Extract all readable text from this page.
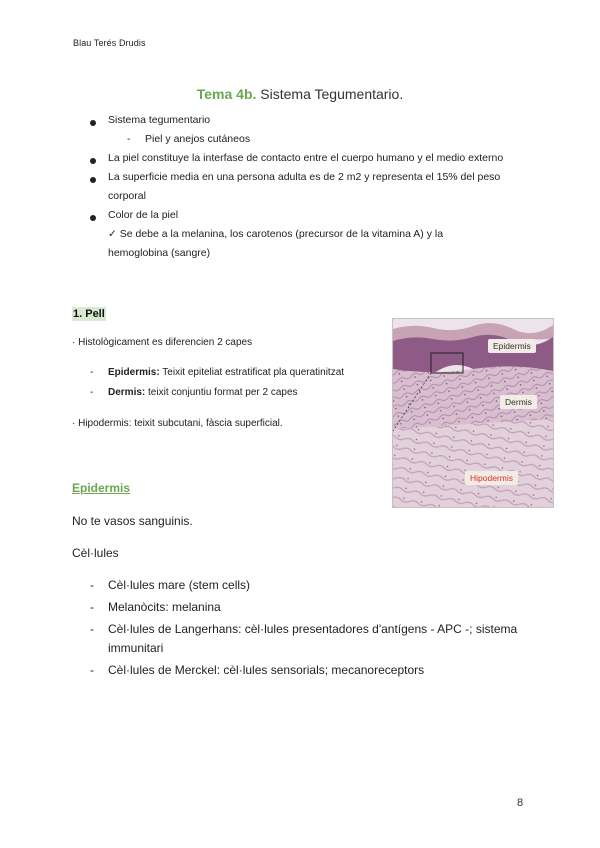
Blau Terés Drudis
Tema 4b. Sistema Tegumentario.
Sistema tegumentario
- Piel y anejos cutáneos
La piel constituye la interfase de contacto entre el cuerpo humano y el medio externo
La superficie media en una persona adulta es de 2 m2 y representa el 15% del peso
corporal
Color de la piel
✓ Se debe a la melanina, los carotenos (precursor de la vitamina A) y la
hemoglobina (sangre)
1. Pell
· Histològicament es diferencien 2 capes
- Epidermis: Teixit epiteliat estratificat pla queratinitzat
- Dermis: teixit conjuntiu format per 2 capes
· Hipodermis: teixit subcutani, fàscia superficial.
Epidermis
Dermis
Hipodermis
Epidermis
No te vasos sanguinis.
Cèl·lules
- Cèl·lules mare (stem cells)
- Melanòcits: melanina
- Cèl·lules de Langerhans: cèl·lules presentadores d'antígens - APC -; sistema
immunitari
- Cèl·lules de Merckel: cèl·lules sensorials; mecanoreceptors
8
